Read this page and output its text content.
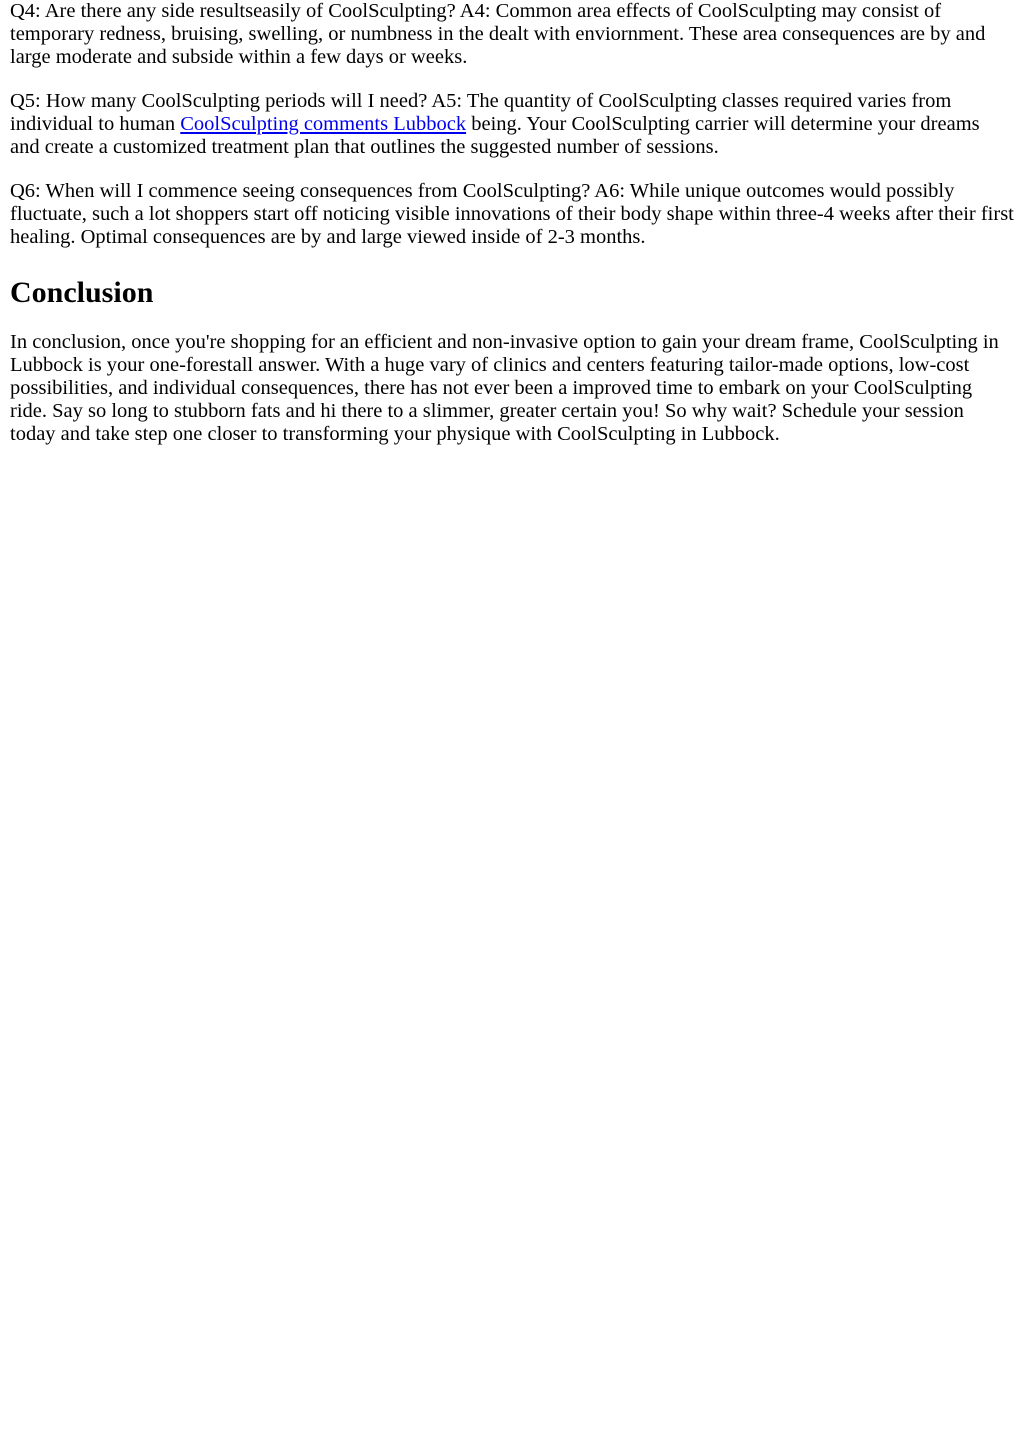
Q4: Are there any side resultseasily of CoolSculpting? A4: Common area effects of CoolSculpting may consist of temporary redness, bruising, swelling, or numbness in the dealt with enviornment. These area consequences are by and large moderate and subside within a few days or weeks.

Q5: How many CoolSculpting periods will I need? A5: The quantity of CoolSculpting classes required varies from individual to human CoolSculpting comments Lubbock being. Your CoolSculpting carrier will determine your dreams and create a customized treatment plan that outlines the suggested number of sessions.

Q6: When will I commence seeing consequences from CoolSculpting? A6: While unique outcomes would possibly fluctuate, such a lot shoppers start off noticing visible innovations of their body shape within three-4 weeks after their first healing. Optimal consequences are by and large viewed inside of 2-3 months.

Conclusion

In conclusion, once you're shopping for an efficient and non-invasive option to gain your dream frame, CoolSculpting in Lubbock is your one-forestall answer. With a huge vary of clinics and centers featuring tailor-made options, low-cost possibilities, and individual consequences, there has not ever been a improved time to embark on your CoolSculpting ride. Say so long to stubborn fats and hi there to a slimmer, greater certain you! So why wait? Schedule your session today and take step one closer to transforming your physique with CoolSculpting in Lubbock.
